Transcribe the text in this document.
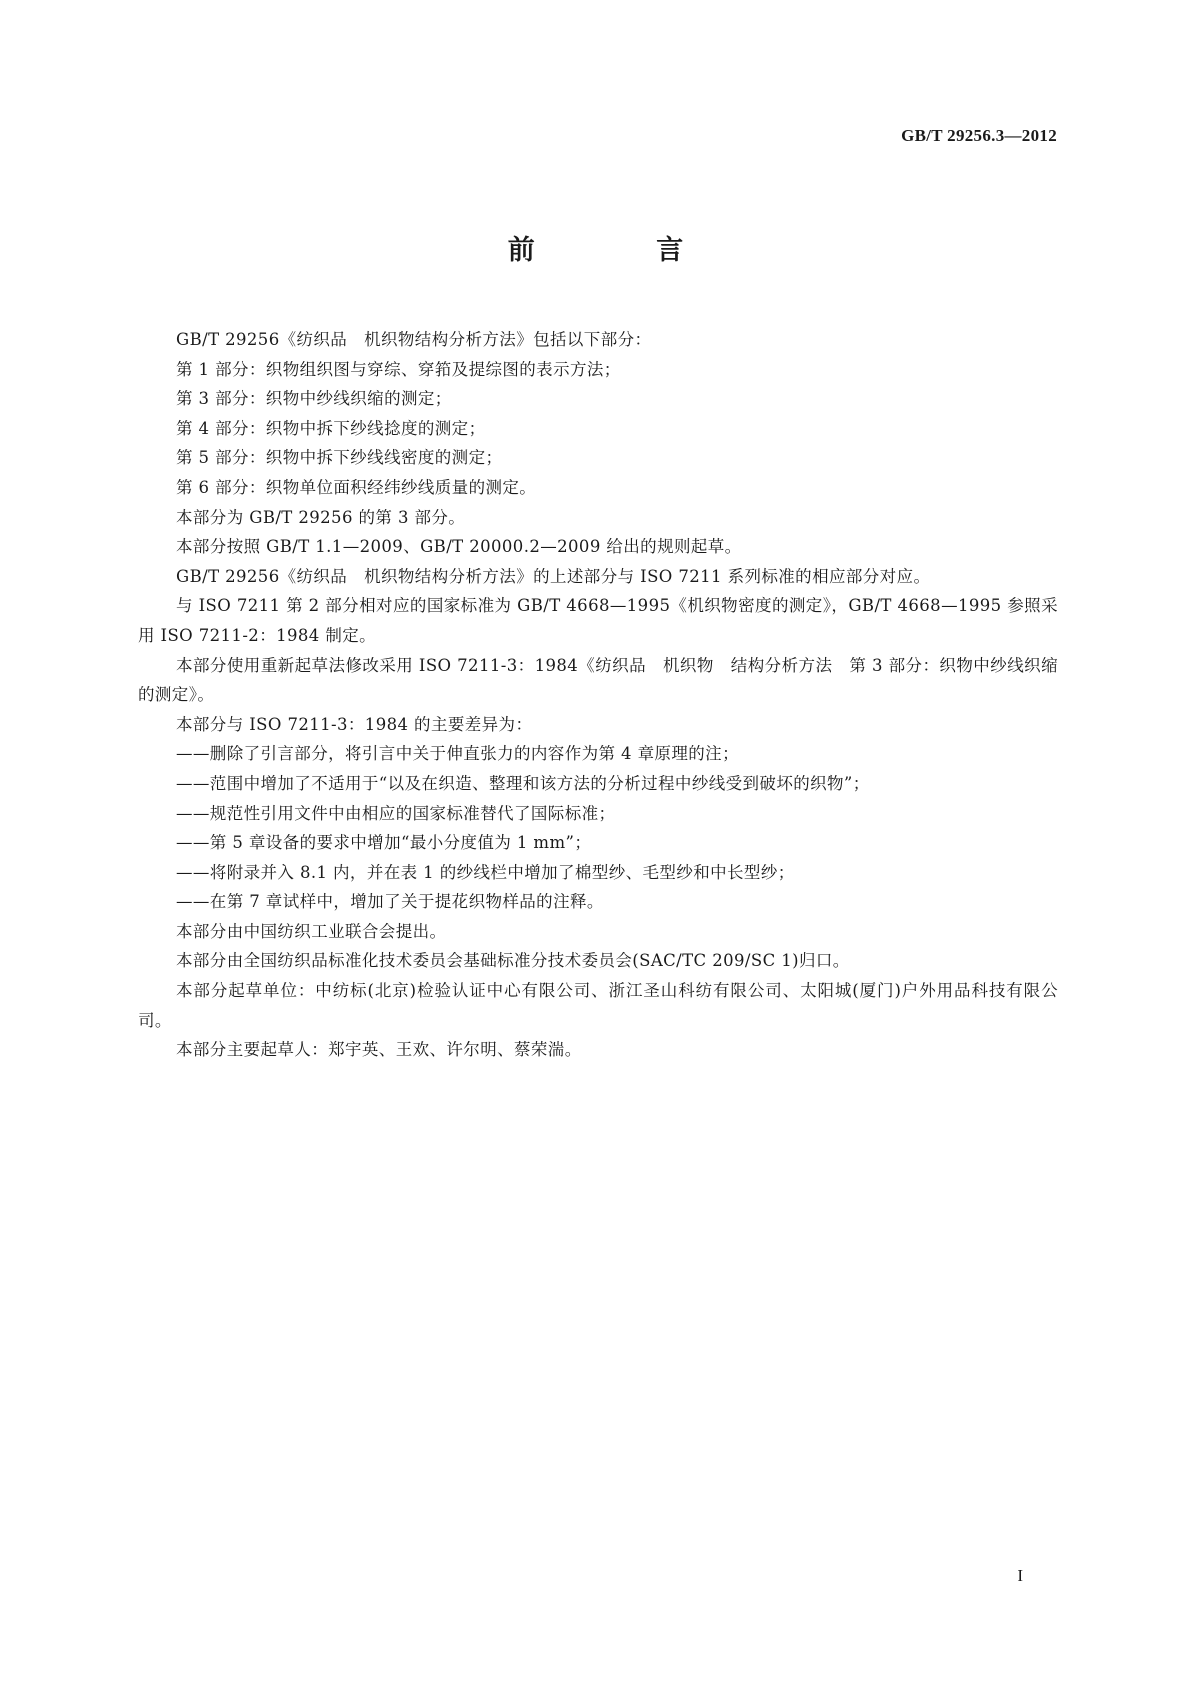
GB/T 29256.3—2012
前 言

GB/T 29256《纺织品　机织物结构分析方法》包括以下部分：

第 1 部分：织物组织图与穿综、穿筘及提综图的表示方法；

第 3 部分：织物中纱线织缩的测定；

第 4 部分：织物中拆下纱线捻度的测定；

第 5 部分：织物中拆下纱线线密度的测定；

第 6 部分：织物单位面积经纬纱线质量的测定。

本部分为 GB/T 29256 的第 3 部分。

本部分按照 GB/T 1.1—2009、GB/T 20000.2—2009 给出的规则起草。

GB/T 29256《纺织品　机织物结构分析方法》的上述部分与 ISO 7211 系列标准的相应部分对应。

与 ISO 7211 第 2 部分相对应的国家标准为 GB/T 4668—1995《机织物密度的测定》，GB/T 4668—1995 参照采用 ISO 7211-2：1984 制定。

本部分使用重新起草法修改采用 ISO 7211-3：1984《纺织品　机织物　结构分析方法　第 3 部分：织物中纱线织缩的测定》。

本部分与 ISO 7211-3：1984 的主要差异为：

——删除了引言部分，将引言中关于伸直张力的内容作为第 4 章原理的注；

——范围中增加了不适用于“以及在织造、整理和该方法的分析过程中纱线受到破坏的织物”；

——规范性引用文件中由相应的国家标准替代了国际标准；

——第 5 章设备的要求中增加“最小分度值为 1 mm”；

——将附录并入 8.1 内，并在表 1 的纱线栏中增加了棉型纱、毛型纱和中长型纱；

——在第 7 章试样中，增加了关于提花织物样品的注释。

本部分由中国纺织工业联合会提出。

本部分由全国纺织品标准化技术委员会基础标准分技术委员会(SAC/TC 209/SC 1)归口。

本部分起草单位：中纺标(北京)检验认证中心有限公司、浙江圣山科纺有限公司、太阳城(厦门)户外用品科技有限公司。

本部分主要起草人：郑宇英、王欢、许尔明、蔡荣湍。

I
